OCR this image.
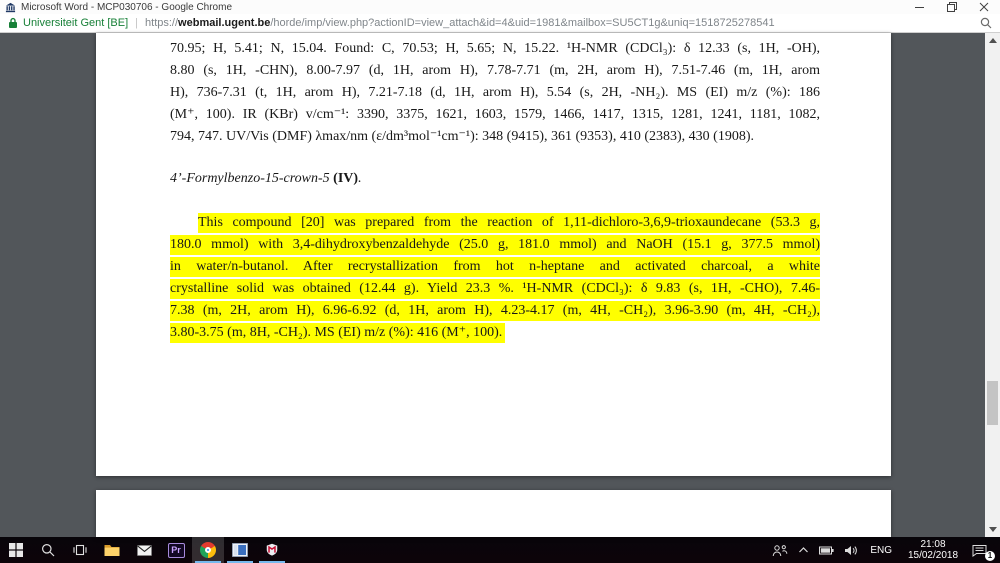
Microsoft Word - MCP030706 - Google Chrome
Universiteit Gent [BE] | https://webmail.ugent.be/horde/imp/view.php?actionID=view_attach&id=4&uid=1981&mailbox=SU5CT1g&uniq=1518725278541
70.95; H, 5.41; N, 15.04. Found: C, 70.53; H, 5.65; N, 15.22. ¹H-NMR (CDCl₃): δ 12.33 (s, 1H, -OH),
8.80 (s, 1H, -CHN), 8.00-7.97 (d, 1H, arom H), 7.78-7.71 (m, 2H, arom H), 7.51-7.46 (m, 1H, arom
H), 736-7.31 (t, 1H, arom H), 7.21-7.18 (d, 1H, arom H), 5.54 (s, 2H, -NH₂). MS (EI) m/z (%): 186
(M⁺, 100). IR (KBr) v/cm⁻¹: 3390, 3375, 1621, 1603, 1579, 1466, 1417, 1315, 1281, 1241, 1181, 1082,
794, 747. UV/Vis (DMF) λmax/nm (ε/dm³mol⁻¹cm⁻¹): 348 (9415), 361 (9353), 410 (2383), 430 (1908).
4’-Formylbenzo-15-crown-5 (IV).
This compound [20] was prepared from the reaction of 1,11-dichloro-3,6,9-trioxaundecane (53.3 g,
180.0 mmol) with 3,4-dihydroxybenzaldehyde (25.0 g, 181.0 mmol) and NaOH (15.1 g, 377.5 mmol)
in water/n-butanol. After recrystallization from hot n-heptane and activated charcoal, a white
crystalline solid was obtained (12.44 g). Yield 23.3 %. ¹H-NMR (CDCl₃): δ 9.83 (s, 1H, -CHO), 7.46-
7.38 (m, 2H, arom H), 6.96-6.92 (d, 1H, arom H), 4.23-4.17 (m, 4H, -CH₂), 3.96-3.90 (m, 4H, -CH₂),
3.80-3.75 (m, 8H, -CH₂). MS (EI) m/z (%): 416 (M⁺, 100).
Pr	ENG	21:08
15/02/2018	1
